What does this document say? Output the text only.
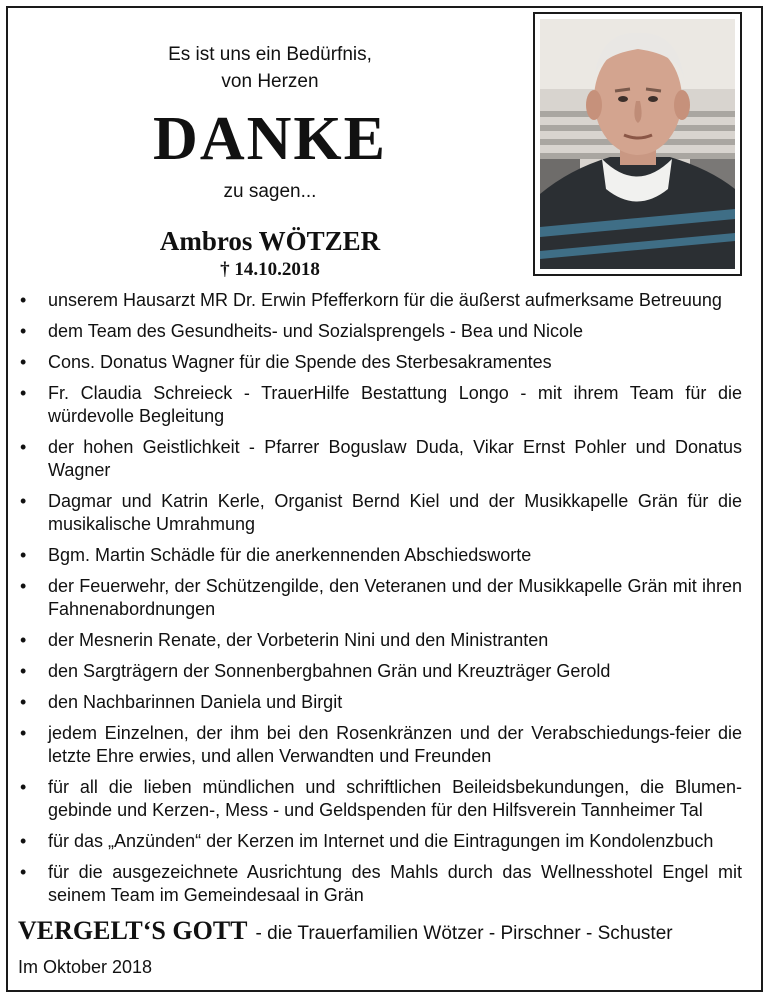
Es ist uns ein Bedürfnis,
von Herzen
DANKE
zu sagen...
Ambros WÖTZER
† 14.10.2018
• unserem Hausarzt MR Dr. Erwin Pfefferkorn für die äußerst aufmerksame Betreuung
• dem Team des Gesundheits- und Sozialsprengels - Bea und Nicole
• Cons. Donatus Wagner für die Spende des Sterbesakramentes
• Fr. Claudia Schreieck - TrauerHilfe Bestattung Longo - mit ihrem Team für die würdevolle Begleitung
• der hohen Geistlichkeit - Pfarrer Boguslaw Duda, Vikar Ernst Pohler und Donatus Wagner
• Dagmar und Katrin Kerle, Organist Bernd Kiel und der Musikkapelle Grän für die musikalische Umrahmung
• Bgm. Martin Schädle für die anerkennenden Abschiedsworte
• der Feuerwehr, der Schützengilde, den Veteranen und der Musikkapelle Grän mit ihren Fahnenabordnungen
• der Mesnerin Renate, der Vorbeterin Nini und den Ministranten
• den Sargträgern der Sonnenbergbahnen Grän und Kreuzträger Gerold
• den Nachbarinnen Daniela und Birgit
• jedem Einzelnen, der ihm bei den Rosenkränzen und der Verabschiedungs-feier die letzte Ehre erwies, und allen Verwandten und Freunden
• für all die lieben mündlichen und schriftlichen Beileidsbekundungen, die Blumen-gebinde und Kerzen-, Mess - und Geldspenden für den Hilfsverein Tannheimer Tal
• für das „Anzünden“ der Kerzen im Internet und die Eintragungen im Kondolenzbuch
• für die ausgezeichnete Ausrichtung des Mahls durch das Wellnesshotel Engel mit seinem Team im Gemeindesaal in Grän
VERGELT‘S GOTT - die Trauerfamilien Wötzer - Pirschner - Schuster
Im Oktober 2018
